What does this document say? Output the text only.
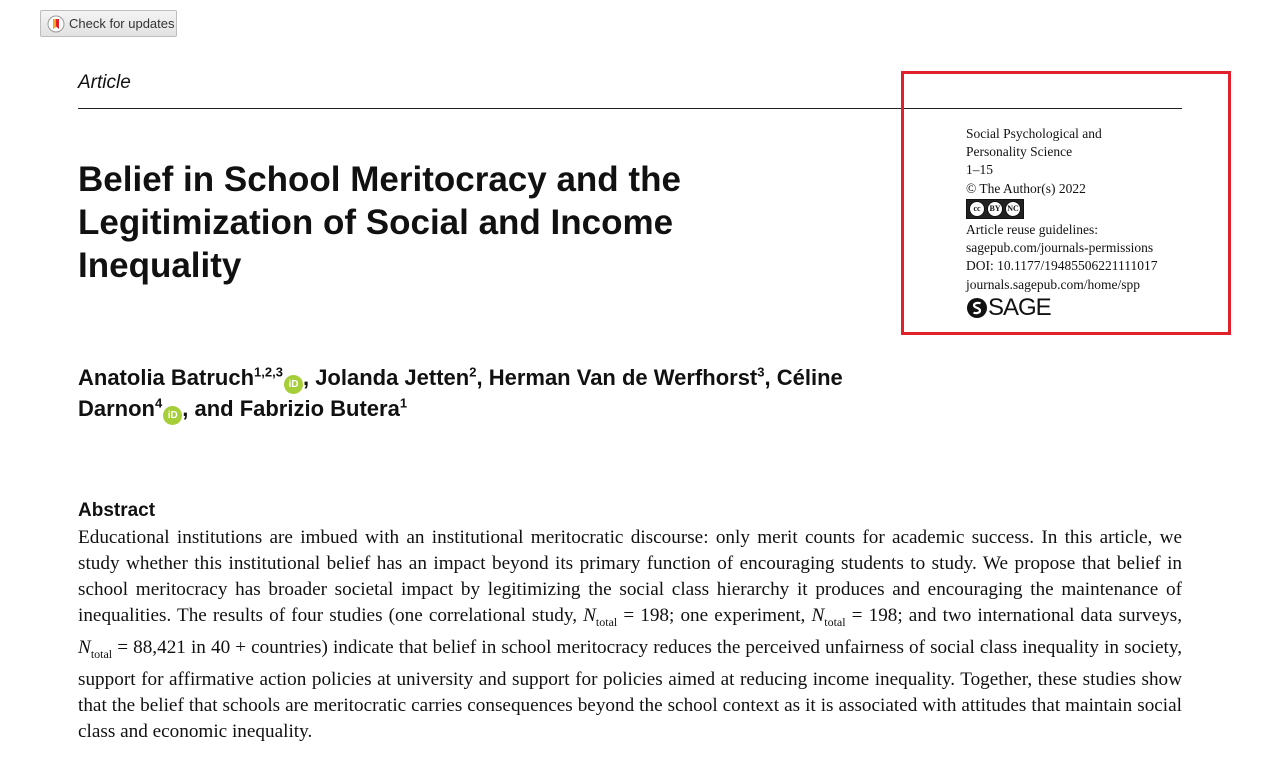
Check for updates
Article
Belief in School Meritocracy and the Legitimization of Social and Income Inequality
Social Psychological and
Personality Science
1–15
© The Author(s) 2022
cc	BY NC
Article reuse guidelines:
sagepub.com/journals-permissions
DOI: 10.1177/19485506221111017
journals.sagepub.com/home/spp
SAGE
Anatolia Batruch$^{1,2,3}$iD , Jolanda Jetten$^2$, Herman Van de Werfhorst$^3$, Céline
Darnon$^4$iD , and Fabrizio Butera$^1$
Abstract

Educational institutions are imbued with an institutional meritocratic discourse: only merit counts for academic success. In this article, we study whether this institutional belief has an impact beyond its primary function of encouraging students to study. We propose that belief in school meritocracy has broader societal impact by legitimizing the social class hierarchy it produces and encouraging the maintenance of inequalities. The results of four studies (one correlational study, $N_{total} = 198$; one experiment, $N_{total} = 198$; and two international data surveys, $N_{total} = 88,421$ in 40 + countries) indicate that belief in school meritocracy reduces the perceived unfairness of social class inequality in society, support for affirmative action policies at university and support for policies aimed at reducing income inequality. Together, these studies show that the belief that schools are meritocratic carries consequences beyond the school context as it is associated with attitudes that maintain social class and economic inequality.
